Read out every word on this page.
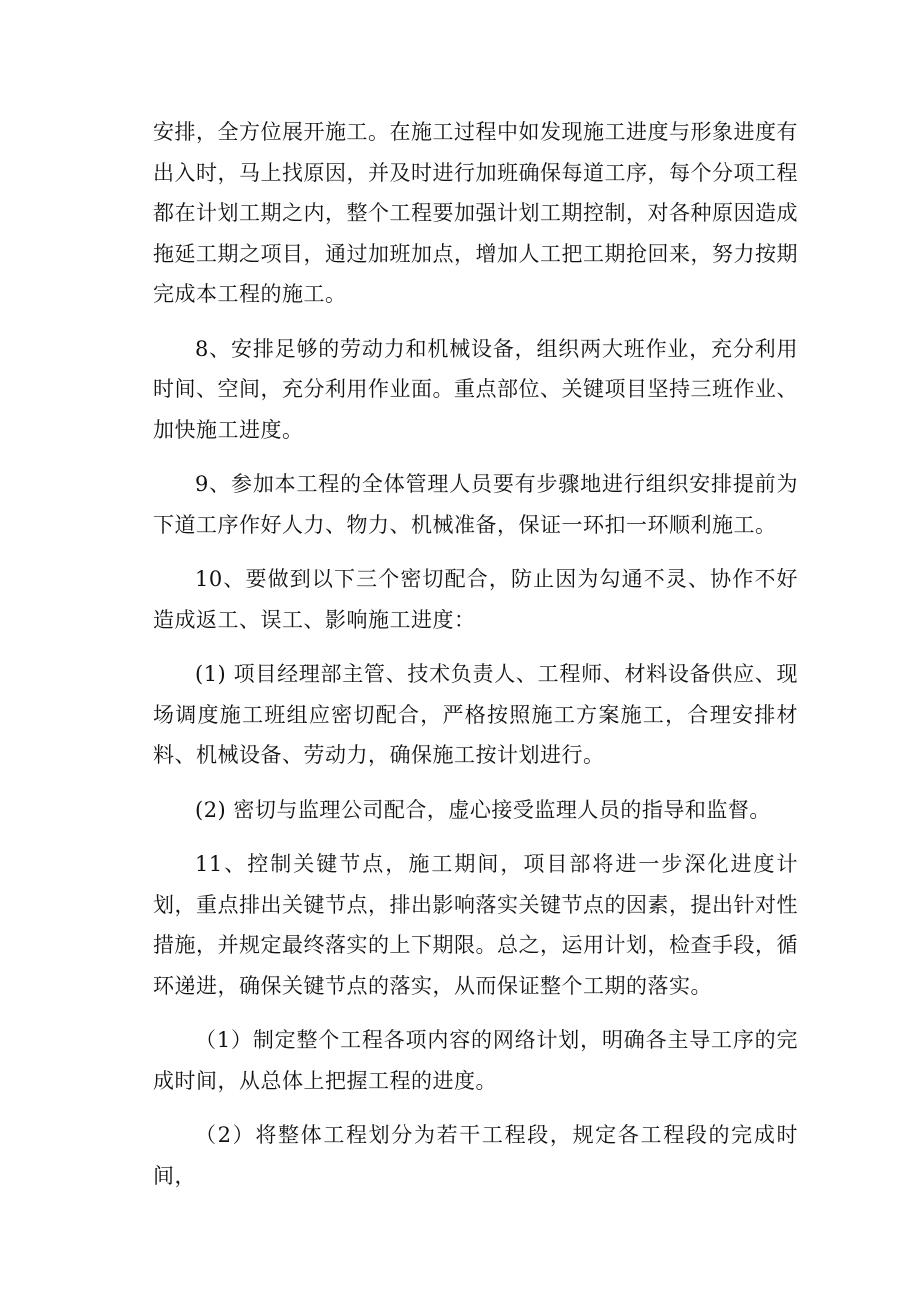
安排，全方位展开施工。在施工过程中如发现施工进度与形象进度有出入时，马上找原因，并及时进行加班确保每道工序，每个分项工程都在计划工期之内，整个工程要加强计划工期控制，对各种原因造成拖延工期之项目，通过加班加点，增加人工把工期抢回来，努力按期完成本工程的施工。

8、安排足够的劳动力和机械设备，组织两大班作业，充分利用时间、空间，充分利用作业面。重点部位、关键项目坚持三班作业、加快施工进度。

9、参加本工程的全体管理人员要有步骤地进行组织安排提前为下道工序作好人力、物力、机械准备，保证一环扣一环顺利施工。

10、要做到以下三个密切配合，防止因为勾通不灵、协作不好造成返工、误工、影响施工进度：

(1) 项目经理部主管、技术负责人、工程师、材料设备供应、现场调度施工班组应密切配合，严格按照施工方案施工，合理安排材料、机械设备、劳动力，确保施工按计划进行。

(2) 密切与监理公司配合，虚心接受监理人员的指导和监督。

11、控制关键节点，施工期间，项目部将进一步深化进度计划，重点排出关键节点，排出影响落实关键节点的因素，提出针对性措施，并规定最终落实的上下期限。总之，运用计划，检查手段，循环递进，确保关键节点的落实，从而保证整个工期的落实。

（1）制定整个工程各项内容的网络计划，明确各主导工序的完成时间，从总体上把握工程的进度。

（2）将整体工程划分为若干工程段，规定各工程段的完成时间，
